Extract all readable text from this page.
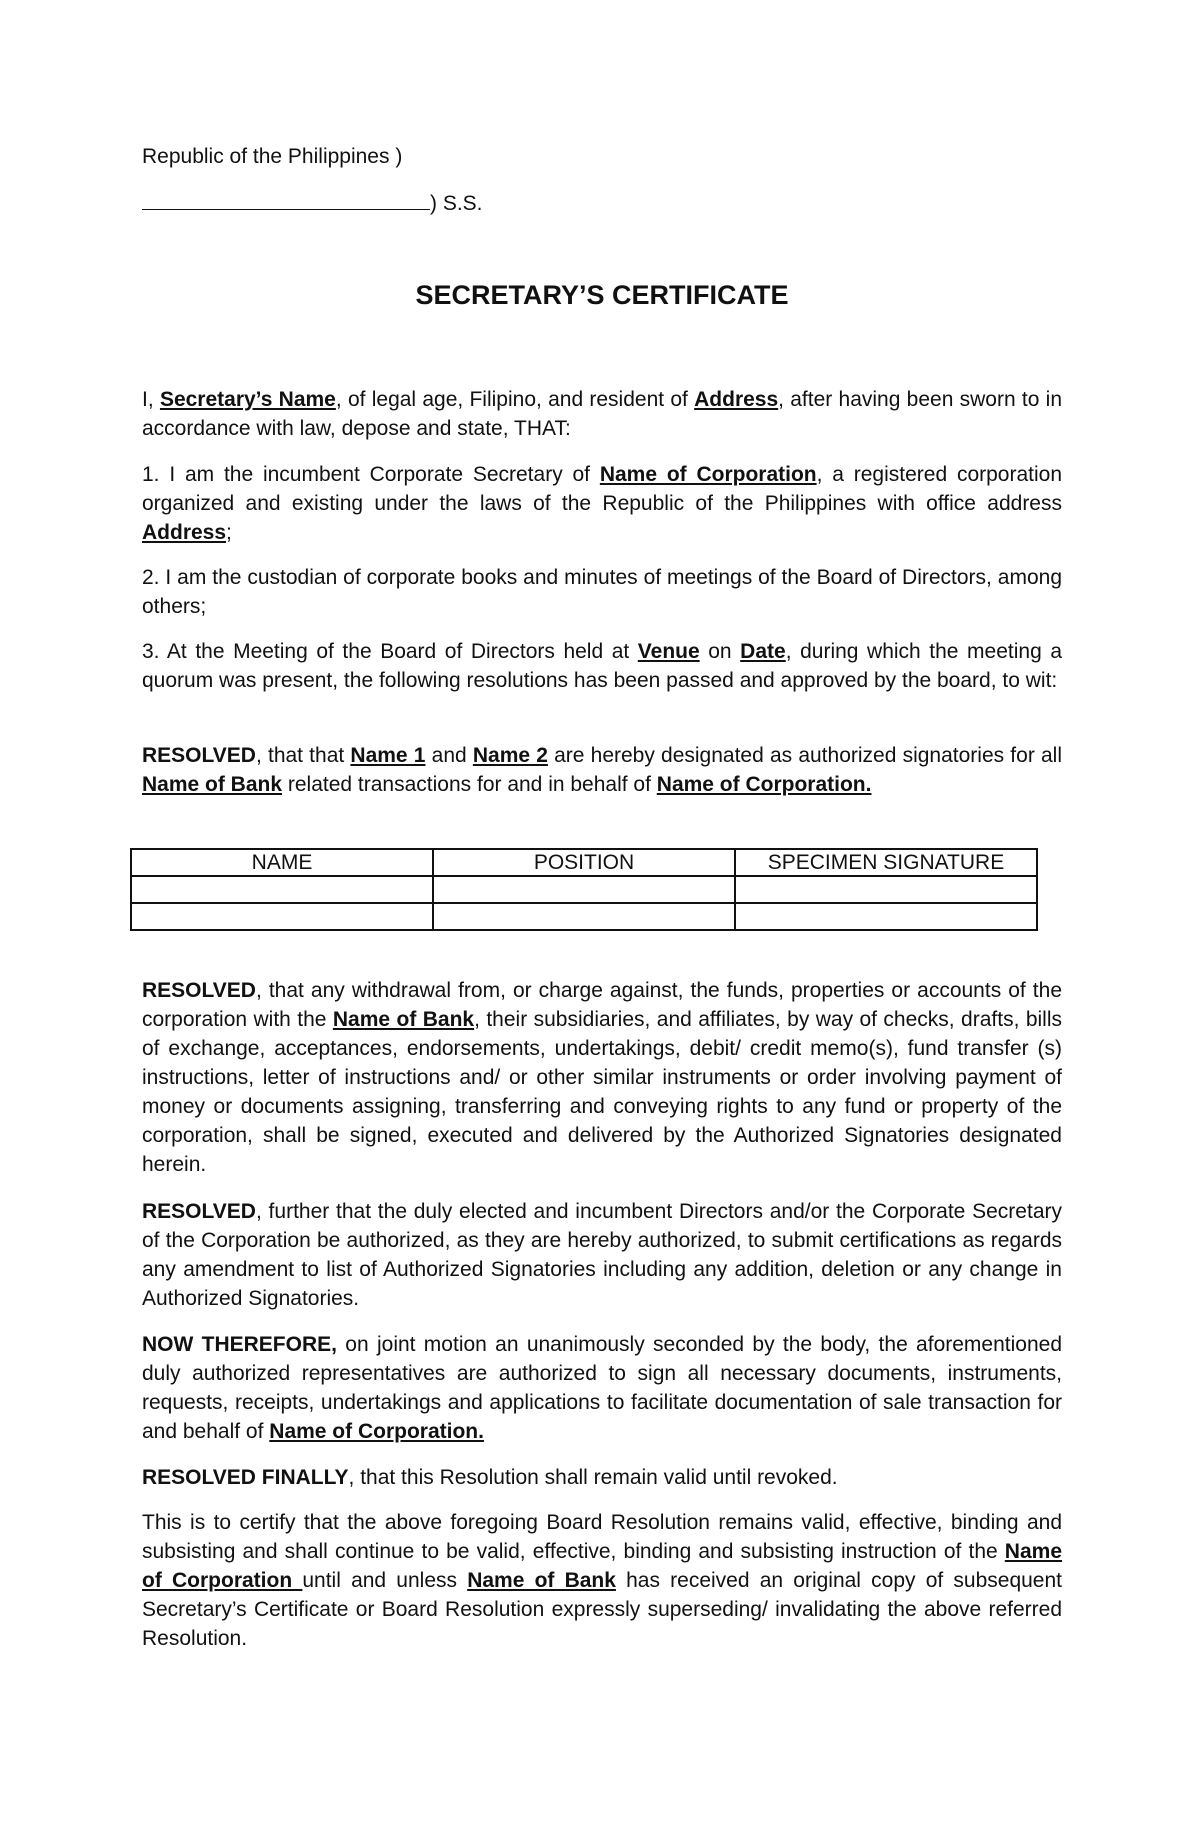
Republic of the Philippines )
) S.S.
SECRETARY’S CERTIFICATE

I, Secretary’s Name, of legal age, Filipino, and resident of Address, after having been sworn to in accordance with law, depose and state, THAT:

1. I am the incumbent Corporate Secretary of Name of Corporation, a registered corporation organized and existing under the laws of the Republic of the Philippines with office address Address;

2. I am the custodian of corporate books and minutes of meetings of the Board of Directors, among others;

3. At the Meeting of the Board of Directors held at Venue on Date, during which the meeting a quorum was present, the following resolutions has been passed and approved by the board, to wit:

RESOLVED, that that Name 1 and Name 2 are hereby designated as authorized signatories for all Name of Bank related transactions for and in behalf of Name of Corporation.

NAME	POSITION	SPECIMEN SIGNATURE

RESOLVED, that any withdrawal from, or charge against, the funds, properties or accounts of the corporation with the Name of Bank, their subsidiaries, and affiliates, by way of checks, drafts, bills of exchange, acceptances, endorsements, undertakings, debit/ credit memo(s), fund transfer (s) instructions, letter of instructions and/ or other similar instruments or order involving payment of money or documents assigning, transferring and conveying rights to any fund or property of the corporation, shall be signed, executed and delivered by the Authorized Signatories designated herein.

RESOLVED, further that the duly elected and incumbent Directors and/or the Corporate Secretary of the Corporation be authorized, as they are hereby authorized, to submit certifications as regards any amendment to list of Authorized Signatories including any addition, deletion or any change in Authorized Signatories.

NOW THEREFORE, on joint motion an unanimously seconded by the body, the aforementioned duly authorized representatives are authorized to sign all necessary documents, instruments, requests, receipts, undertakings and applications to facilitate documentation of sale transaction for and behalf of Name of Corporation.

RESOLVED FINALLY, that this Resolution shall remain valid until revoked.

This is to certify that the above foregoing Board Resolution remains valid, effective, binding and subsisting and shall continue to be valid, effective, binding and subsisting instruction of the Name of Corporation until and unless Name of Bank has received an original copy of subsequent Secretary’s Certificate or Board Resolution expressly superseding/ invalidating the above referred Resolution.
